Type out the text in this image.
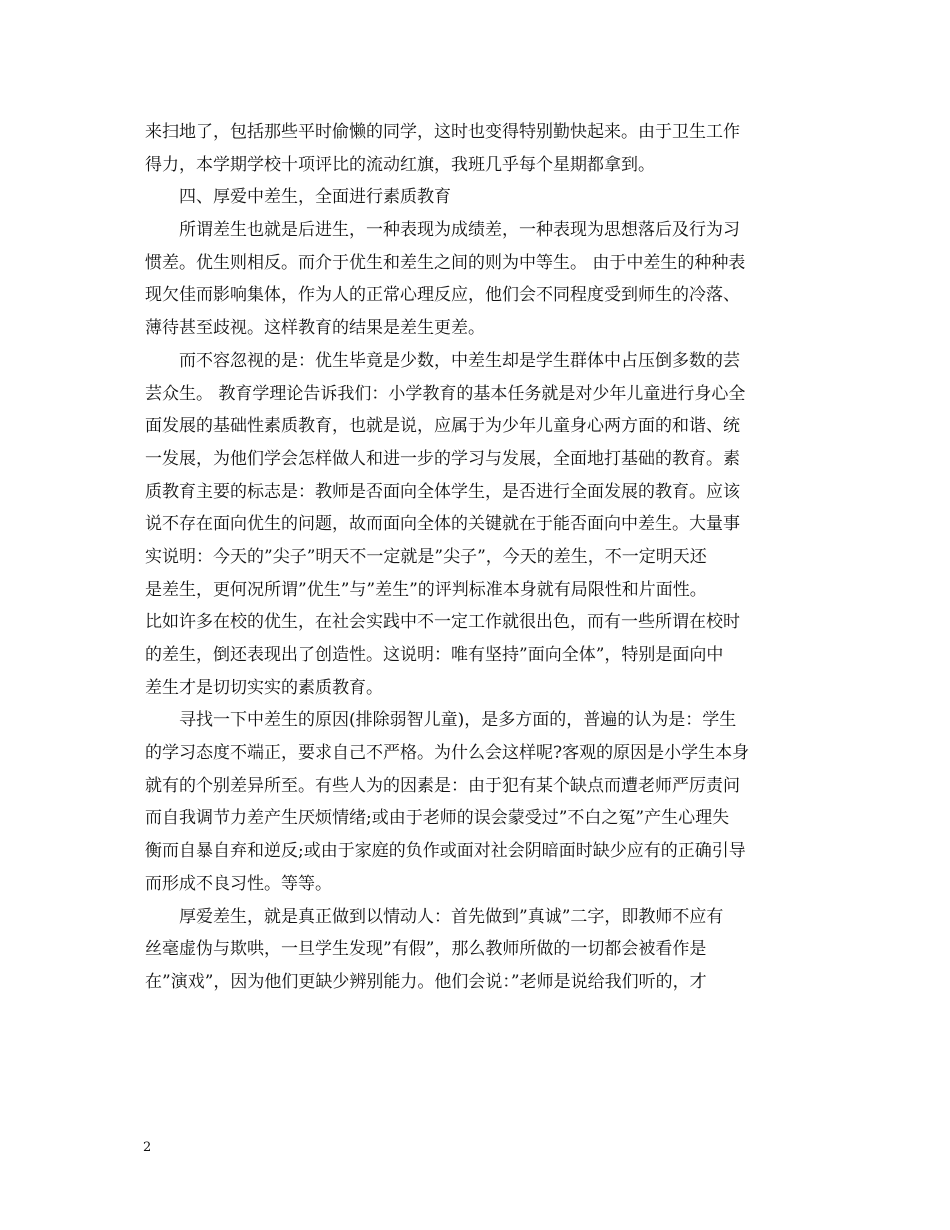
来扫地了，包括那些平时偷懒的同学，这时也变得特别勤快起来。由于卫生工作
得力，本学期学校十项评比的流动红旗，我班几乎每个星期都拿到。
四、厚爱中差生，全面进行素质教育
所谓差生也就是后进生，一种表现为成绩差，一种表现为思想落后及行为习
惯差。优生则相反。而介于优生和差生之间的则为中等生。 由于中差生的种种表
现欠佳而影响集体，作为人的正常心理反应，他们会不同程度受到师生的冷落、
薄待甚至歧视。这样教育的结果是差生更差。
而不容忽视的是：优生毕竟是少数，中差生却是学生群体中占压倒多数的芸
芸众生。 教育学理论告诉我们：小学教育的基本任务就是对少年儿童进行身心全
面发展的基础性素质教育，也就是说，应属于为少年儿童身心两方面的和谐、统
一发展，为他们学会怎样做人和进一步的学习与发展，全面地打基础的教育。素
质教育主要的标志是：教师是否面向全体学生，是否进行全面发展的教育。应该
说不存在面向优生的问题，故而面向全体的关键就在于能否面向中差生。大量事
实说明：今天的”尖子”明天不一定就是”尖子”，今天的差生，不一定明天还
是差生，更何况所谓”优生”与”差生”的评判标准本身就有局限性和片面性。
比如许多在校的优生，在社会实践中不一定工作就很出色，而有一些所谓在校时
的差生，倒还表现出了创造性。这说明：唯有坚持”面向全体”，特别是面向中
差生才是切切实实的素质教育。
寻找一下中差生的原因(排除弱智儿童)，是多方面的，普遍的认为是：学生
的学习态度不端正，要求自己不严格。为什么会这样呢?客观的原因是小学生本身
就有的个别差异所至。有些人为的因素是：由于犯有某个缺点而遭老师严厉责问
而自我调节力差产生厌烦情绪;或由于老师的误会蒙受过”不白之冤”产生心理失
衡而自暴自弃和逆反;或由于家庭的负作或面对社会阴暗面时缺少应有的正确引导
而形成不良习性。等等。
厚爱差生，就是真正做到以情动人：首先做到”真诚”二字，即教师不应有
丝毫虚伪与欺哄，一旦学生发现”有假”，那么教师所做的一切都会被看作是
在”演戏”，因为他们更缺少辨别能力。他们会说：”老师是说给我们听的，才
2
